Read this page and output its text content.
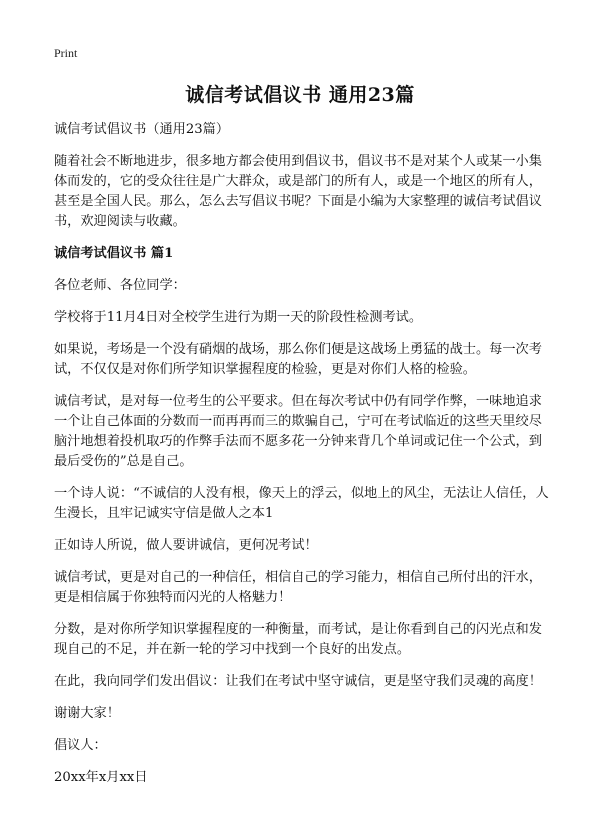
Print
诚信考试倡议书 通用23篇

诚信考试倡议书（通用23篇）

随着社会不断地进步，很多地方都会使用到倡议书，倡议书不是对某个人或某一小集体而发的，它的受众往往是广大群众，或是部门的所有人，或是一个地区的所有人，甚至是全国人民。那么，怎么去写倡议书呢？下面是小编为大家整理的诚信考试倡议书，欢迎阅读与收藏。

诚信考试倡议书 篇1

各位老师、各位同学：

学校将于11月4日对全校学生进行为期一天的阶段性检测考试。

如果说，考场是一个没有硝烟的战场，那么你们便是这战场上勇猛的战士。每一次考试，不仅仅是对你们所学知识掌握程度的检验，更是对你们人格的检验。

诚信考试，是对每一位考生的公平要求。但在每次考试中仍有同学作弊，一味地追求一个让自己体面的分数而一而再再而三的欺骗自己，宁可在考试临近的这些天里绞尽脑汁地想着投机取巧的作弊手法而不愿多花一分钟来背几个单词或记住一个公式，到最后受伤的”总是自己。

一个诗人说：“不诚信的人没有根，像天上的浮云，似地上的风尘，无法让人信任，人生漫长，且牢记诚实守信是做人之本1

正如诗人所说，做人要讲诚信，更何况考试！

诚信考试，更是对自己的一种信任，相信自己的学习能力，相信自己所付出的汗水，更是相信属于你独特而闪光的人格魅力！

分数，是对你所学知识掌握程度的一种衡量，而考试，是让你看到自己的闪光点和发现自己的不足，并在新一轮的学习中找到一个良好的出发点。

在此，我向同学们发出倡议：让我们在考试中坚守诚信，更是坚守我们灵魂的高度！

谢谢大家！

倡议人：

20xx年x月xx日
